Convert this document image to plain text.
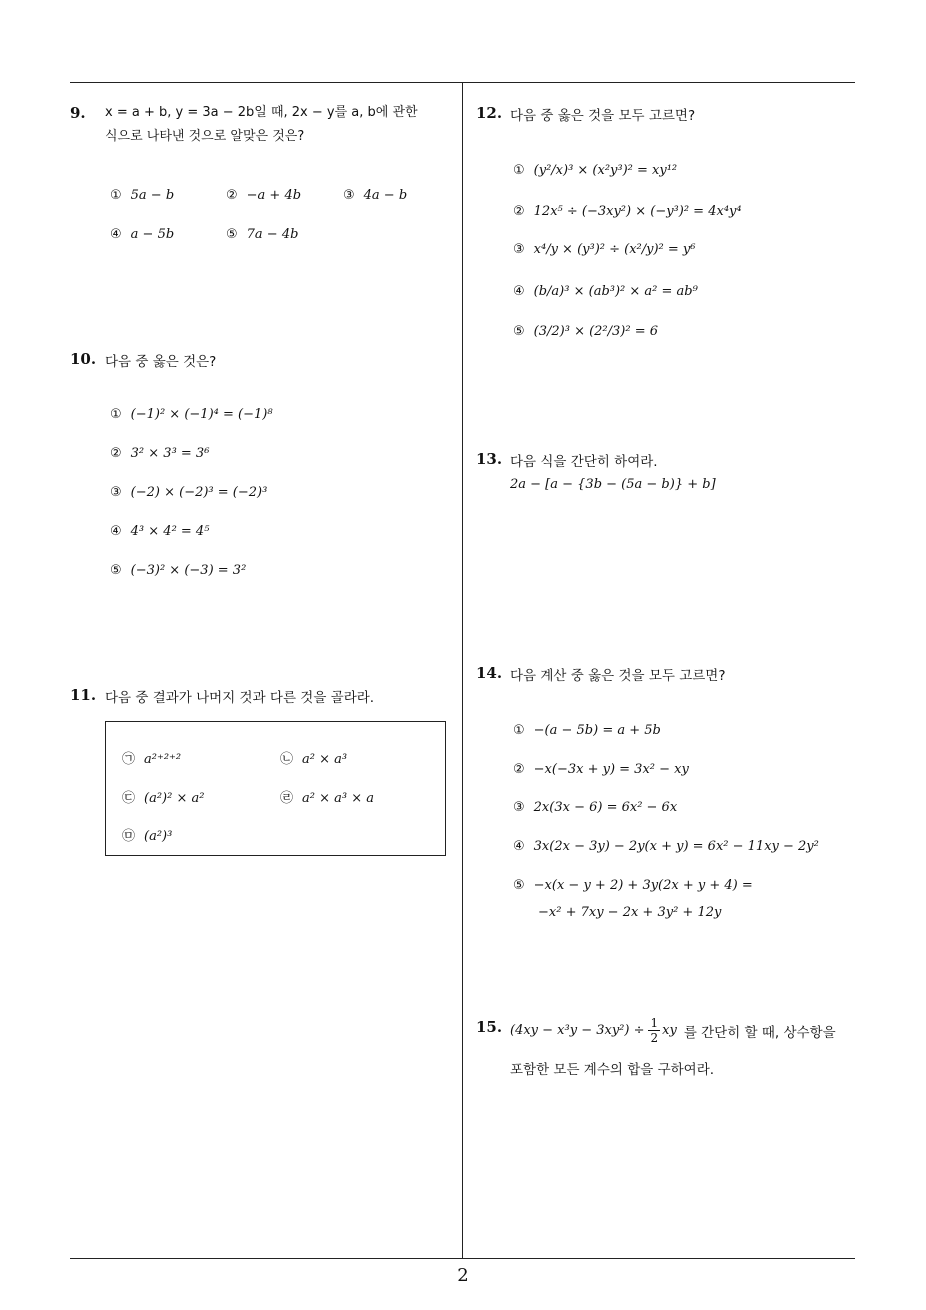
9. x = a + b, y = 3a − 2b일 때, 2x − y를 a, b에 관한
식으로 나타낸 것으로 알맞은 것은?
① 5a − b	② −a + 4b	③ 4a − b
④ a − 5b	⑤ 7a − 4b
10. 다음 중 옳은 것은?
① (−1)² × (−1)⁴ = (−1)⁸
② 3² × 3³ = 3⁶
③ (−2) × (−2)³ = (−2)³
④ 4³ × 4² = 4⁵
⑤ (−3)² × (−3) = 3²
11. 다음 중 결과가 나머지 것과 다른 것을 골라라.
㉠ a²⁺²⁺²	㉡ a² × a³
㉢ (a²)² × a²	㉣ a² × a³ × a
㉤ (a²)³
12. 다음 중 옳은 것을 모두 고르면?
① (y²/x)³ × (x²y³)² = xy¹²
② 12x⁵ ÷ (−3xy²) × (−y³)² = 4x⁴y⁴
③ x⁴/y × (y³)² ÷ (x²/y)² = y⁶
④ (b/a)³ × (ab³)² × a² = ab⁹
⑤ (3/2)³ × (2²/3)² = 6
13. 다음 식을 간단히 하여라.
2a − [a − {3b − (5a − b)} + b]
14. 다음 계산 중 옳은 것을 모두 고르면?
① −(a − 5b) = a + 5b
② −x(−3x + y) = 3x² − xy
③ 2x(3x − 6) = 6x² − 6x
④ 3x(2x − 3y) − 2y(x + y) = 6x² − 11xy − 2y²
⑤ −x(x − y + 2) + 3y(2x + y + 4) =
−x² + 7xy − 2x + 3y² + 12y
15. $(4xy - x^3y - 3xy^2) \div \frac{1}{2}$ xy 를 간단히 할 때, 상수항을
포함한 모든 계수의 합을 구하여라.
2
